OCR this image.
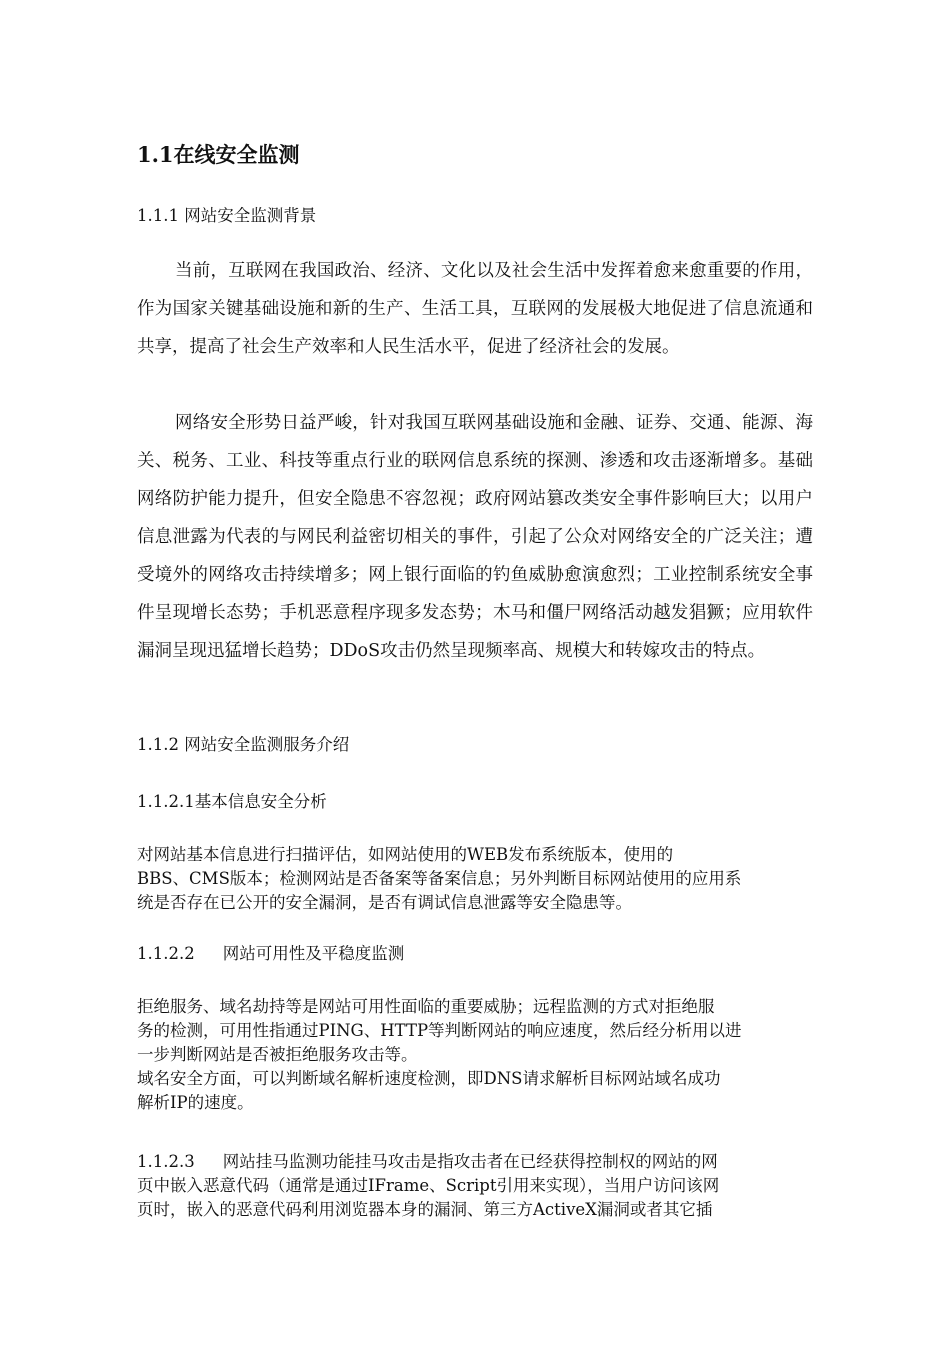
1.1在线安全监测
1.1.1 网站安全监测背景

当前，互联网在我国政治、经济、文化以及社会生活中发挥着愈来愈重要的作用，作为国家关键基础设施和新的生产、生活工具，互联网的发展极大地促进了信息流通和共享，提高了社会生产效率和人民生活水平，促进了经济社会的发展。

网络安全形势日益严峻，针对我国互联网基础设施和金融、证券、交通、能源、海关、税务、工业、科技等重点行业的联网信息系统的探测、渗透和攻击逐渐增多。基础网络防护能力提升，但安全隐患不容忽视；政府网站篡改类安全事件影响巨大；以用户信息泄露为代表的与网民利益密切相关的事件，引起了公众对网络安全的广泛关注；遭受境外的网络攻击持续增多；网上银行面临的钓鱼威胁愈演愈烈；工业控制系统安全事件呈现增长态势；手机恶意程序现多发态势；木马和僵尸网络活动越发猖獗；应用软件漏洞呈现迅猛增长趋势；DDoS攻击仍然呈现频率高、规模大和转嫁攻击的特点。

1.1.2 网站安全监测服务介绍
1.1.2.1基本信息安全分析
对网站基本信息进行扫描评估，如网站使用的WEB发布系统版本，使用的
BBS、CMS版本；检测网站是否备案等备案信息；另外判断目标网站使用的应用系
统是否存在已公开的安全漏洞，是否有调试信息泄露等安全隐患等。
1.1.2.2 网站可用性及平稳度监测
拒绝服务、域名劫持等是网站可用性面临的重要威胁；远程监测的方式对拒绝服
务的检测，可用性指通过PING、HTTP等判断网站的响应速度，然后经分析用以进
一步判断网站是否被拒绝服务攻击等。
域名安全方面，可以判断域名解析速度检测，即DNS请求解析目标网站域名成功
解析IP的速度。
1.1.2.3 网站挂马监测功能挂马攻击是指攻击者在已经获得控制权的网站的网
页中嵌入恶意代码（通常是通过IFrame、Script引用来实现），当用户访问该网
页时，嵌入的恶意代码利用浏览器本身的漏洞、第三方ActiveX漏洞或者其它插
